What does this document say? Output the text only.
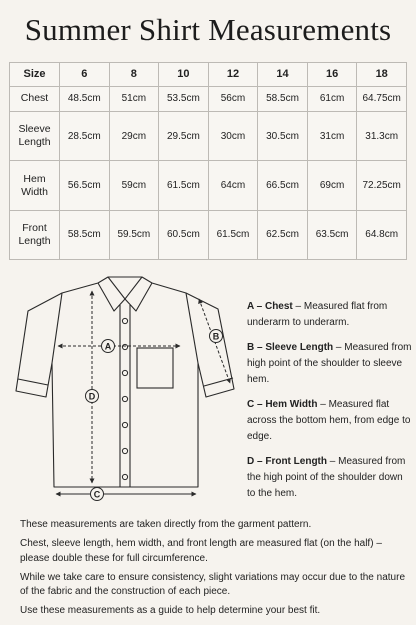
Summer Shirt Measurements
Size	6	8	10	12	14	16	18
Chest	48.5cm	51cm	53.5cm	56cm	58.5cm	61cm	64.75cm
Sleeve
Length	28.5cm	29cm	29.5cm	30cm	30.5cm	31cm	31.3cm
Hem
Width	56.5cm	59cm	61.5cm	64cm	66.5cm	69cm	72.25cm
Front
Length	58.5cm	59.5cm	60.5cm	61.5cm	62.5cm	63.5cm	64.8cm
A
B
D
C
A – Chest – Measured flat from underarm to underarm.
B – Sleeve Length – Measured from high point of the shoulder to sleeve hem.
C – Hem Width – Measured flat across the bottom hem, from edge to edge.
D – Front Length – Measured from the high point of the shoulder down to the hem.

These measurements are taken directly from the garment pattern.

Chest, sleeve length, hem width, and front length are measured flat (on the half) – please double these for full circumference.

While we take care to ensure consistency, slight variations may occur due to the nature of the fabric and the construction of each piece.

Use these measurements as a guide to help determine your best fit.
